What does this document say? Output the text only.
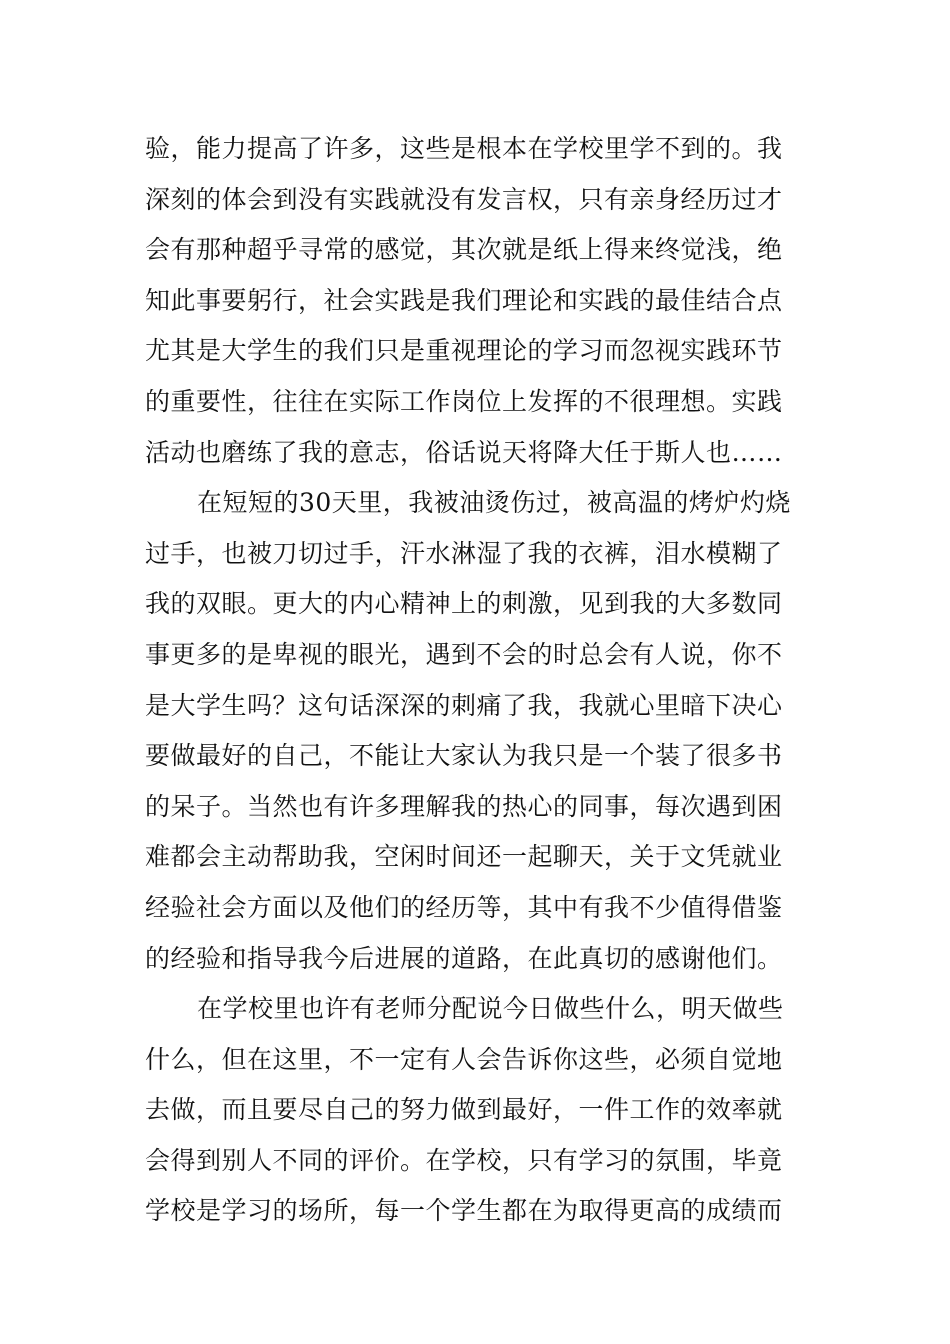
验，能力提高了许多，这些是根本在学校里学不到的。我
深刻的体会到没有实践就没有发言权，只有亲身经历过才
会有那种超乎寻常的感觉，其次就是纸上得来终觉浅，绝
知此事要躬行，社会实践是我们理论和实践的最佳结合点
尤其是大学生的我们只是重视理论的学习而忽视实践环节
的重要性，往往在实际工作岗位上发挥的不很理想。实践
活动也磨练了我的意志，俗话说天将降大任于斯人也……
在短短的30天里，我被油烫伤过，被高温的烤炉灼烧
过手，也被刀切过手，汗水淋湿了我的衣裤，泪水模糊了
我的双眼。更大的内心精神上的刺激，见到我的大多数同
事更多的是卑视的眼光，遇到不会的时总会有人说，你不
是大学生吗？这句话深深的刺痛了我，我就心里暗下决心
要做最好的自己，不能让大家认为我只是一个装了很多书
的呆子。当然也有许多理解我的热心的同事，每次遇到困
难都会主动帮助我，空闲时间还一起聊天，关于文凭就业
经验社会方面以及他们的经历等，其中有我不少值得借鉴
的经验和指导我今后进展的道路，在此真切的感谢他们。
在学校里也许有老师分配说今日做些什么，明天做些
什么，但在这里，不一定有人会告诉你这些，必须自觉地
去做，而且要尽自己的努力做到最好，一件工作的效率就
会得到别人不同的评价。在学校，只有学习的氛围，毕竟
学校是学习的场所，每一个学生都在为取得更高的成绩而
